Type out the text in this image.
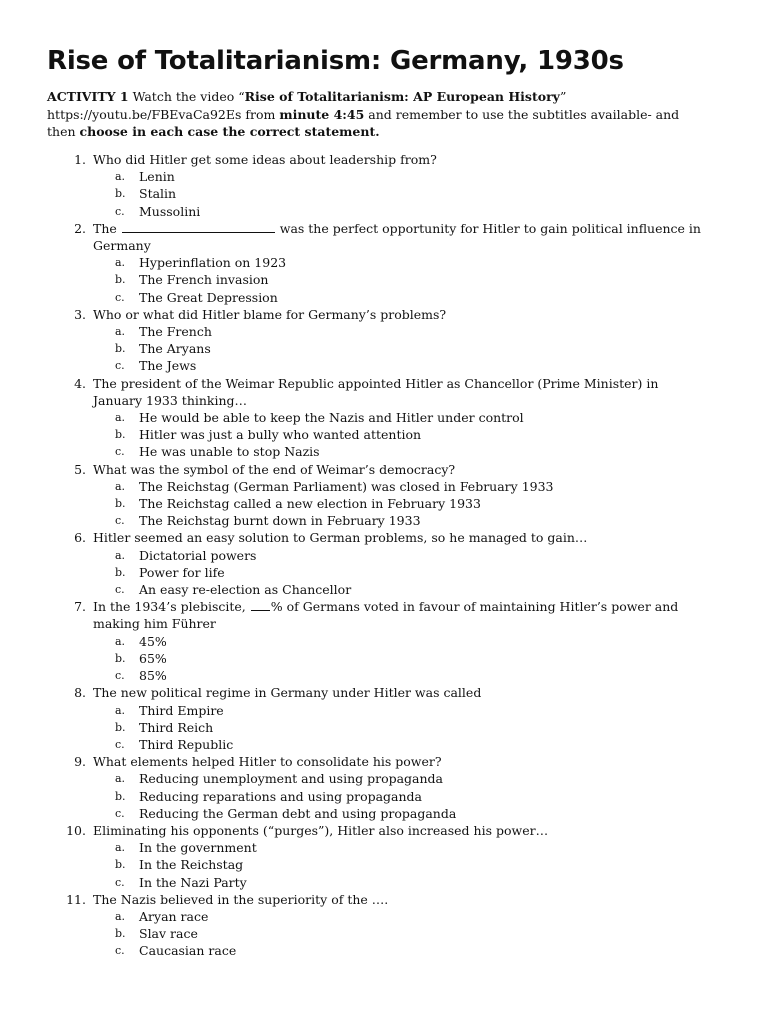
Rise of Totalitarianism: Germany, 1930s
ACTIVITY 1 Watch the video “Rise of Totalitarianism: AP European History”
https://youtu.be/FBEvaCa92Es from minute 4:45 and remember to use the subtitles available- and
then choose in each case the correct statement.
1. Who did Hitler get some ideas about leadership from?
a. Lenin
b. Stalin
c. Mussolini
2. The	was the perfect opportunity for Hitler to gain political influence in Germany
a. Hyperinflation on 1923
b. The French invasion
c. The Great Depression
3. Who or what did Hitler blame for Germany’s problems?
a. The French
b. The Aryans
c. The Jews
4. The president of the Weimar Republic appointed Hitler as Chancellor (Prime Minister) in January 1933 thinking…
a. He would be able to keep the Nazis and Hitler under control
b. Hitler was just a bully who wanted attention
c. He was unable to stop Nazis
5. What was the symbol of the end of Weimar’s democracy?
a. The Reichstag (German Parliament) was closed in February 1933
b. The Reichstag called a new election in February 1933
c. The Reichstag burnt down in February 1933
6. Hitler seemed an easy solution to German problems, so he managed to gain…
a. Dictatorial powers
b. Power for life
c. An easy re-election as Chancellor
7. In the 1934’s plebiscite, % of Germans voted in favour of maintaining Hitler’s power and making him Führer
a. 45%
b. 65%
c. 85%
8. The new political regime in Germany under Hitler was called
a. Third Empire
b. Third Reich
c. Third Republic
9. What elements helped Hitler to consolidate his power?
a. Reducing unemployment and using propaganda
b. Reducing reparations and using propaganda
c. Reducing the German debt and using propaganda
10. Eliminating his opponents (“purges”), Hitler also increased his power…
a. In the government
b. In the Reichstag
c. In the Nazi Party
11. The Nazis believed in the superiority of the ….
a. Aryan race
b. Slav race
c. Caucasian race
